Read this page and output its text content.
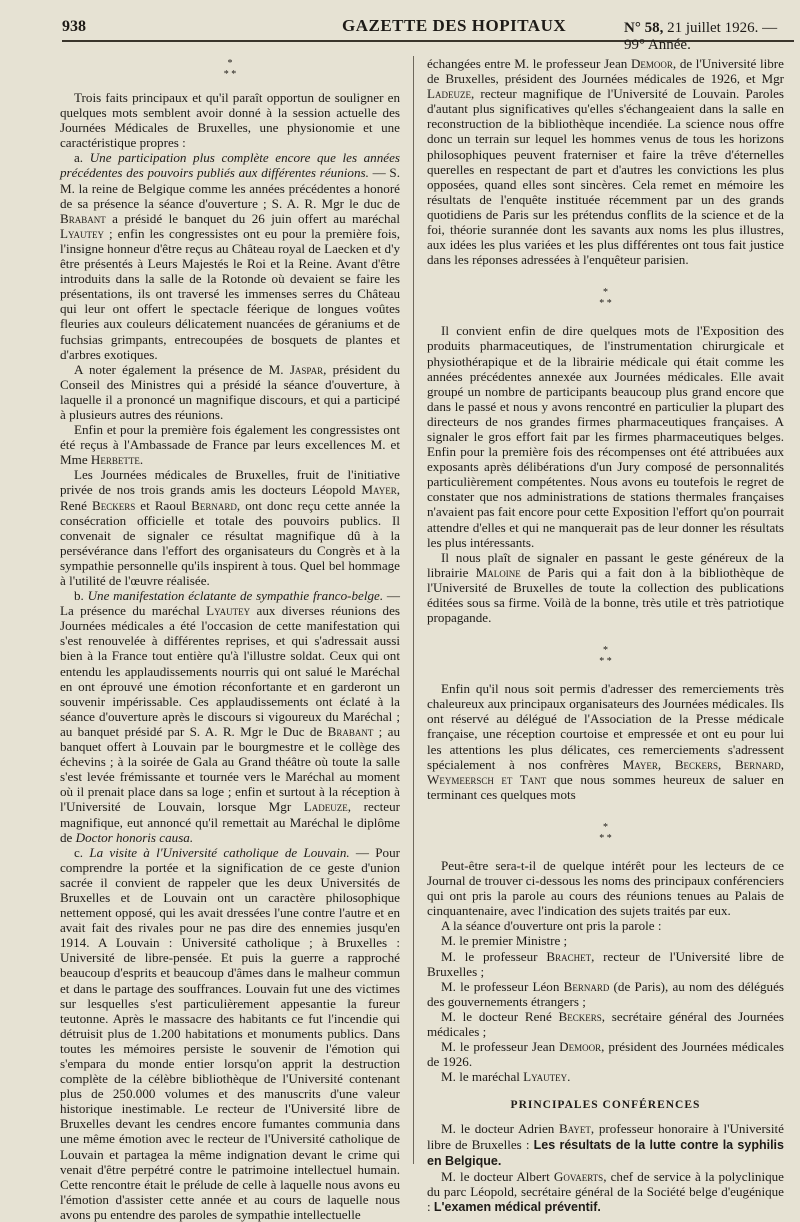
938	GAZETTE DES HOPITAUX	N° 58, 21 juillet 1926. — 99° Année.
*
* *

Trois faits principaux et qu'il paraît opportun de souligner en quelques mots semblent avoir donné à la session actuelle des Journées Médicales de Bruxelles, une physionomie et une caractéristique propres :

a. Une participation plus complète encore que les années précédentes des pouvoirs publiés aux différentes réunions. — S. M. la reine de Belgique comme les années précédentes a honoré de sa présence la séance d'ouverture ; S. A. R. Mgr le duc de Brabant a présidé le banquet du 26 juin offert au maréchal Lyautey ; enfin les congressistes ont eu pour la première fois, l'insigne honneur d'être reçus au Château royal de Laecken et d'y être présentés à Leurs Majestés le Roi et la Reine. Avant d'être introduits dans la salle de la Rotonde où devaient se faire les présentations, ils ont traversé les immenses serres du Château qui leur ont offert le spectacle féerique de longues voûtes fleuries aux couleurs délicatement nuancées de géraniums et de fuchsias grimpants, entrecoupées de bosquets de plantes et d'arbres exotiques.

A noter également la présence de M. Jaspar, président du Conseil des Ministres qui a présidé la séance d'ouverture, à laquelle il a prononcé un magnifique discours, et qui a participé à plusieurs autres des réunions.

Enfin et pour la première fois également les congressistes ont été reçus à l'Ambassade de France par leurs excellences M. et Mme Herbette.

Les Journées médicales de Bruxelles, fruit de l'initiative privée de nos trois grands amis les docteurs Léopold Mayer, René Beckers et Raoul Bernard, ont donc reçu cette année la consécration officielle et totale des pouvoirs publics. Il convenait de signaler ce résultat magnifique dû à la persévérance dans l'effort des organisateurs du Congrès et à la sympathie personnelle qu'ils inspirent à tous. Quel bel hommage à l'utilité de l'œuvre réalisée.

b. Une manifestation éclatante de sympathie franco-belge. — La présence du maréchal Lyautey aux diverses réunions des Journées médicales a été l'occasion de cette manifestation qui s'est renouvelée à différentes reprises, et qui s'adressait aussi bien à la France tout entière qu'à l'illustre soldat. Ceux qui ont entendu les applaudissements nourris qui ont salué le Maréchal en ont éprouvé une émotion réconfortante et en garderont un souvenir impérissable. Ces applaudissements ont éclaté à la séance d'ouverture après le discours si vigoureux du Maréchal ; au banquet présidé par S. A. R. Mgr le Duc de Brabant ; au banquet offert à Louvain par le bourgmestre et le collège des échevins ; à la soirée de Gala au Grand théâtre où toute la salle s'est levée frémissante et tournée vers le Maréchal au moment où il prenait place dans sa loge ; enfin et surtout à la réception à l'Université de Louvain, lorsque Mgr Ladeuze, recteur magnifique, eut annoncé qu'il remettait au Maréchal le diplôme de Doctor honoris causa.

c. La visite à l'Université catholique de Louvain. — Pour comprendre la portée et la signification de ce geste d'union sacrée il convient de rappeler que les deux Universités de Bruxelles et de Louvain ont un caractère philosophique nettement opposé, qui les avait dressées l'une contre l'autre et en avait fait des rivales pour ne pas dire des ennemies jusqu'en 1914. A Louvain : Université catholique ; à Bruxelles : Université de libre-pensée. Et puis la guerre a rapproché beaucoup d'esprits et beaucoup d'âmes dans le malheur commun et dans le partage des souffrances. Louvain fut une des victimes sur lesquelles s'est particulièrement appesantie la fureur teutonne. Après le massacre des habitants ce fut l'incendie qui détruisit plus de 1.200 habitations et monuments publics. Dans toutes les mémoires persiste le souvenir de l'émotion qui s'empara du monde entier lorsqu'on apprit la destruction complète de la célèbre bibliothèque de l'Université contenant plus de 250.000 volumes et des manuscrits d'une valeur historique inestimable. Le recteur de l'Université libre de Bruxelles devant les cendres encore fumantes communia dans une même émotion avec le recteur de l'Université catholique de Louvain et partagea la même indignation devant le crime qui venait d'être perpétré contre le patrimoine intellectuel humain. Cette rencontre était le prélude de celle à laquelle nous avons eu l'émotion d'assister cette année et au cours de laquelle nous avons pu entendre des paroles de sympathie intellectuelle

échangées entre M. le professeur Jean Demoor, de l'Université libre de Bruxelles, président des Journées médicales de 1926, et Mgr Ladeuze, recteur magnifique de l'Université de Louvain. Paroles d'autant plus significatives qu'elles s'échangeaient dans la salle en reconstruction de la bibliothèque incendiée. La science nous offre donc un terrain sur lequel les hommes venus de tous les horizons philosophiques peuvent fraterniser et faire la trêve d'éternelles querelles en respectant de part et d'autres les convictions les plus opposées, quand elles sont sincères. Cela remet en mémoire les résultats de l'enquête instituée récemment par un des grands quotidiens de Paris sur les prétendus conflits de la science et de la foi, théorie surannée dont les savants aux noms les plus illustres, aux idées les plus variées et les plus différentes ont tous fait justice dans les réponses adressées à l'enquêteur parisien.

*
* *

Il convient enfin de dire quelques mots de l'Exposition des produits pharmaceutiques, de l'instrumentation chirurgicale et physiothérapique et de la librairie médicale qui était comme les années précédentes annexée aux Journées médicales. Elle avait groupé un nombre de participants beaucoup plus grand encore que dans le passé et nous y avons rencontré en particulier la plupart des directeurs de nos grandes firmes pharmaceutiques françaises. A signaler le gros effort fait par les firmes pharmaceutiques belges. Enfin pour la première fois des récompenses ont été attribuées aux exposants après délibérations d'un Jury composé de personnalités particulièrement compétentes. Nous avons eu toutefois le regret de constater que nos administrations de stations thermales françaises n'avaient pas fait encore pour cette Exposition l'effort qu'on pourrait attendre d'elles et qui ne manquerait pas de leur donner les résultats les plus intéressants.

Il nous plaît de signaler en passant le geste généreux de la librairie Maloine de Paris qui a fait don à la bibliothèque de l'Université de Bruxelles de toute la collection des publications éditées sous sa firme. Voilà de la bonne, très utile et très patriotique propagande.

*
* *

Enfin qu'il nous soit permis d'adresser des remerciements très chaleureux aux principaux organisateurs des Journées médicales. Ils ont réservé au délégué de l'Association de la Presse médicale française, une réception courtoise et empressée et ont eu pour lui les attentions les plus délicates, ces remerciements s'adressent spécialement à nos confrères Mayer, Beckers, Bernard, Weymeersch et Tant que nous sommes heureux de saluer en terminant ces quelques mots

*
* *

Peut-être sera-t-il de quelque intérêt pour les lecteurs de ce Journal de trouver ci-dessous les noms des principaux conférenciers qui ont pris la parole au cours des réunions tenues au Palais de cinquantenaire, avec l'indication des sujets traités par eux.

A la séance d'ouverture ont pris la parole :

M. le premier Ministre ;

M. le professeur Brachet, recteur de l'Université libre de Bruxelles ;

M. le professeur Léon Bernard (de Paris), au nom des délégués des gouvernements étrangers ;

M. le docteur René Beckers, secrétaire général des Journées médicales ;

M. le professeur Jean Demoor, président des Journées médicales de 1926.

M. le maréchal Lyautey.

PRINCIPALES CONFÉRENCES

M. le docteur Adrien Bayet, professeur honoraire à l'Université libre de Bruxelles : Les résultats de la lutte contre la syphilis en Belgique.

M. le docteur Albert Govaerts, chef de service à la polyclinique du parc Léopold, secrétaire général de la Société belge d'eugénique : L'examen médical préventif.
